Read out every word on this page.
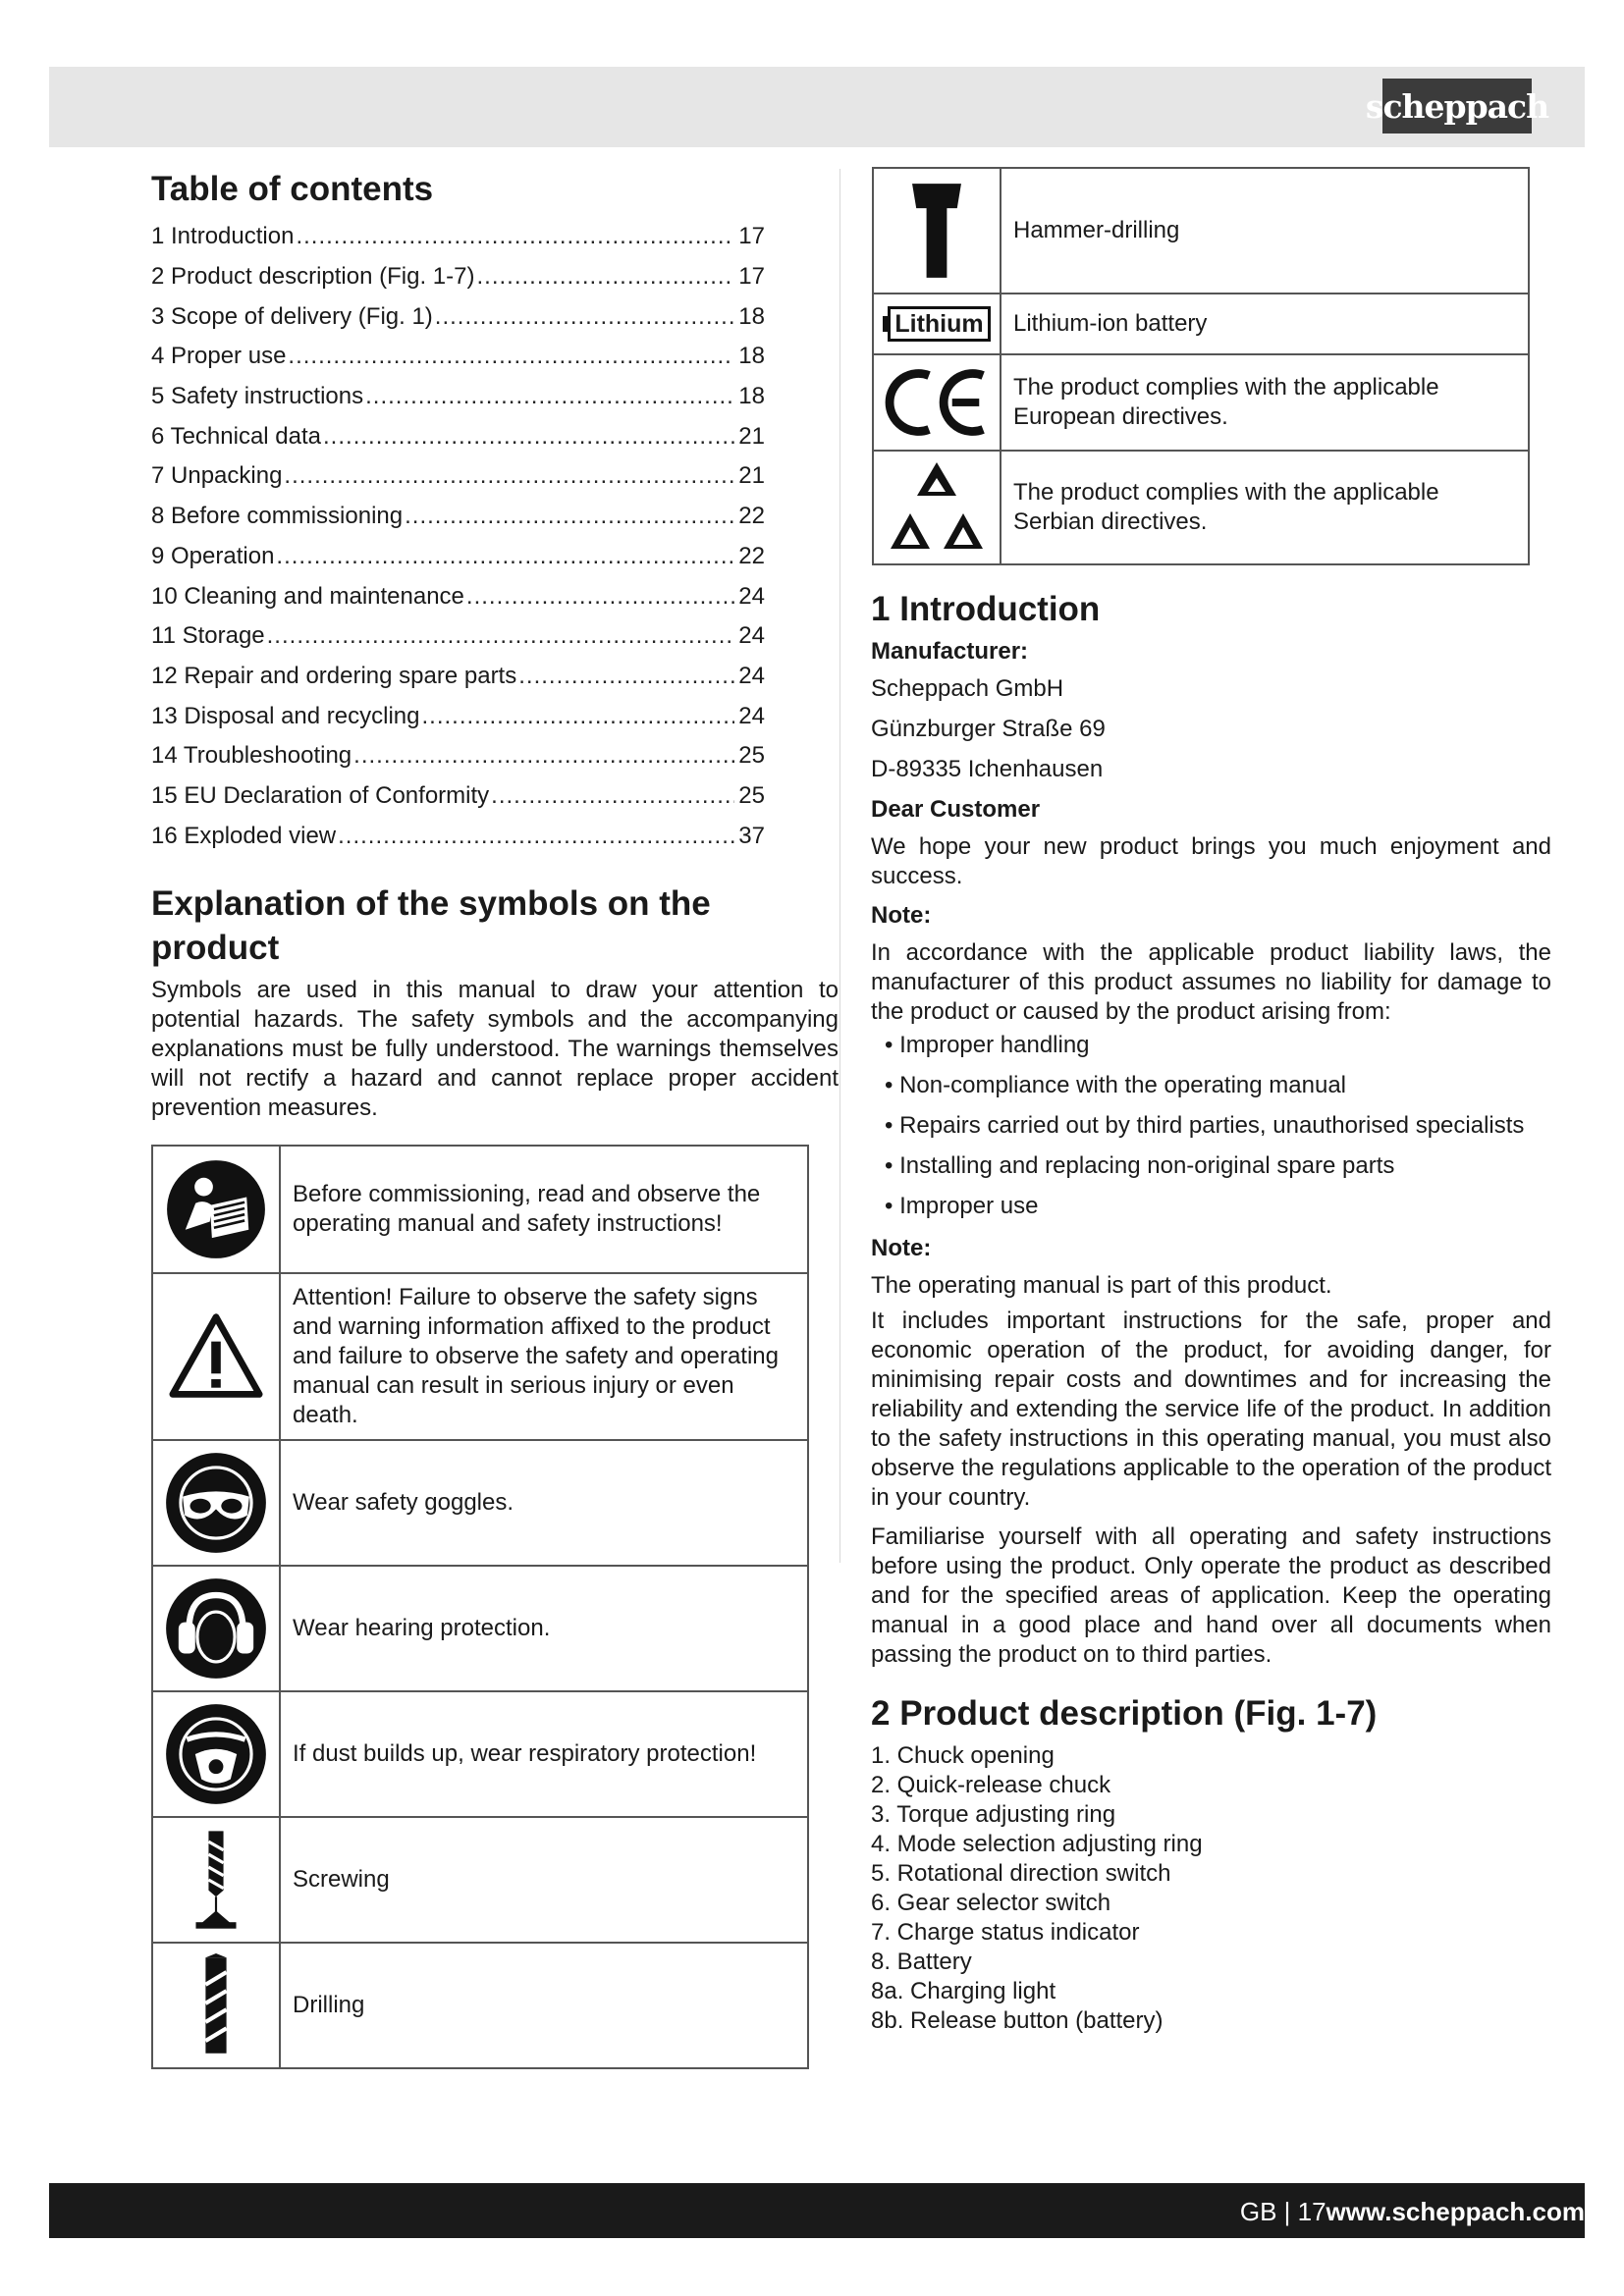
scheppach
Table of contents
1 Introduction .....	17
2 Product description (Fig. 1-7) .....	17
3 Scope of delivery (Fig. 1) .....	18
4 Proper use .....	18
5 Safety instructions .....	18
6 Technical data .....	21
7 Unpacking .....	21
8 Before commissioning .....	22
9 Operation .....	22
10 Cleaning and maintenance .....	24
11 Storage .....	24
12 Repair and ordering spare parts .....	24
13 Disposal and recycling .....	24
14 Troubleshooting .....	25
15 EU Declaration of Conformity .....	25
16 Exploded view .....	37
Explanation of the symbols on the product

Symbols are used in this manual to draw your attention to potential hazards. The safety symbols and the accompanying explanations must be fully understood. The warnings themselves will not rectify a hazard and cannot replace proper accident prevention measures.

	Before commissioning, read and observe the operating manual and safety instructions!

	Attention! Failure to observe the safety signs and warning information affixed to the product and failure to observe the safety and operating manual can result in serious injury or even death.

	Wear safety goggles.

	Wear hearing protection.

	If dust builds up, wear respiratory protection!

	Screwing

	Drilling
	Hammer-drilling

Lithium	Lithium-ion battery

	The product complies with the applicable European directives.

	The product complies with the applicable Serbian directives.
1 Introduction
Manufacturer:
Scheppach GmbH
Günzburger Straße 69
D-89335 Ichenhausen
Dear Customer

We hope your new product brings you much enjoyment and success.

Note:

In accordance with the applicable product liability laws, the manufacturer of this product assumes no liability for damage to the product or caused by the product arising from:

• Improper handling
• Non-compliance with the operating manual
• Repairs carried out by third parties, unauthorised specialists
• Installing and replacing non-original spare parts
• Improper use
Note:

The operating manual is part of this product.

It includes important instructions for the safe, proper and economic operation of the product, for avoiding danger, for minimising repair costs and downtimes and for increasing the reliability and extending the service life of the product. In addition to the safety instructions in this operating manual, you must also observe the regulations applicable to the operation of the product in your country.

Familiarise yourself with all operating and safety instructions before using the product. Only operate the product as described and for the specified areas of application. Keep the operating manual in a good place and hand over all documents when passing the product on to third parties.

2 Product description (Fig. 1-7)
1. Chuck opening
2. Quick-release chuck
3. Torque adjusting ring
4. Mode selection adjusting ring
5. Rotational direction switch
6. Gear selector switch
7. Charge status indicator
8. Battery
8a. Charging light
8b. Release button (battery)
GB | 17www.scheppach.com
